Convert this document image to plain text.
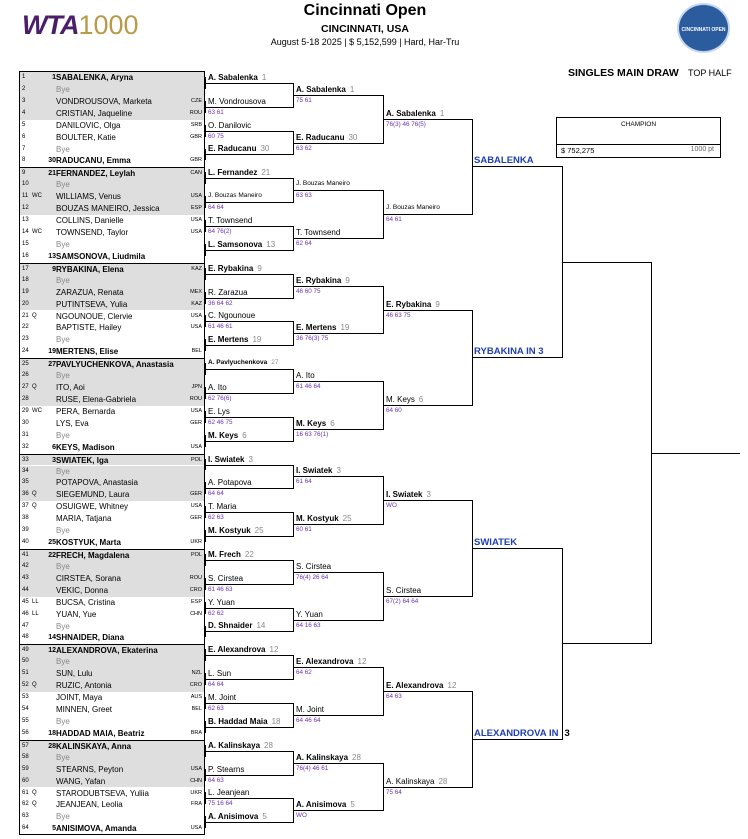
WTA1000	Cincinnati Open
CINCINNATI, USA
August 5-18 2025 | $ 5,152,599 | Hard, Har-Tru
CINCINNATI OPEN
SINGLES MAIN DRAW TOP HALF
CHAMPION
$ 752,275	1000 pt
1	1 SABALENKA, Aryna
2	Bye
3	VONDROUSOVA, Marketa	CZE
4	CRISTIAN, Jaqueline	ROU
5	DANILOVIC, Olga	SRB
6	BOULTER, Katie	GBR
7	Bye
8	30 RADUCANU, Emma	GBR
9	21 FERNANDEZ, Leylah	CAN
10	Bye
11 WC	WILLIAMS, Venus	USA
12	BOUZAS MANEIRO, Jessica	ESP
13	COLLINS, Danielle	USA
14 WC	TOWNSEND, Taylor	USA
15	Bye
16	13 SAMSONOVA, Liudmila
17	9 RYBAKINA, Elena	KAZ
18	Bye
19	ZARAZUA, Renata	MEX
20	PUTINTSEVA, Yulia	KAZ
21 Q	NGOUNOUE, Clervie	USA
22	BAPTISTE, Hailey	USA
23	Bye
24	19 MERTENS, Elise	BEL
25	27 PAVLYUCHENKOVA, Anastasia
26	Bye
27 Q	ITO, Aoi	JPN
28	RUSE, Elena-Gabriela	ROU
29 WC	PERA, Bernarda	USA
30	LYS, Eva	GER
31	Bye
32	6 KEYS, Madison	USA
33	3 SWIATEK, Iga	POL
34	Bye
35	POTAPOVA, Anastasia
36 Q	SIEGEMUND, Laura	GER
37 Q	OSUIGWE, Whitney	USA
38	MARIA, Tatjana	GER
39	Bye
40	25 KOSTYUK, Marta	UKR
41	22 FRECH, Magdalena	POL
42	Bye
43	CIRSTEA, Sorana	ROU
44	VEKIC, Donna	CRO
45 LL	BUCSA, Cristina	ESP
46 LL	YUAN, Yue	CHN
47	Bye
48	14 SHNAIDER, Diana
49	12 ALEXANDROVA, Ekaterina
50	Bye
51	SUN, Lulu	NZL
52 Q	RUZIC, Antonia	CRO
53	JOINT, Maya	AUS
54	MINNEN, Greet	BEL
55	Bye
56	18 HADDAD MAIA, Beatriz	BRA
57	28 KALINSKAYA, Anna
58	Bye
59	STEARNS, Peyton	USA
60	WANG, Yafan	CHN
61 Q	STARODUBTSEVA, Yuliia	UKR
62 Q	JEANJEAN, Leolia	FRA
63	Bye
64	5 ANISIMOVA, Amanda	USA
A. Sabalenka 1
M. Vondrousova
63 61
O. Danilovic
60 75
E. Raducanu 30
L. Fernandez 21
J. Bouzas Maneiro
64 64
T. Townsend
64 76(2)
L. Samsonova 13
E. Rybakina 9
R. Zarazua
36 64 62
C. Ngounoue
61 46 61
E. Mertens 19
A. Pavlyuchenkova 27
A. Ito
62 76(6)
E. Lys
62 46 75
M. Keys 6
I. Swiatek 3
A. Potapova
64 64
T. Maria
62 63
M. Kostyuk 25
M. Frech 22
S. Cirstea
61 46 63
Y. Yuan
62 62
D. Shnaider 14
E. Alexandrova 12
L. Sun
64 64
M. Joint
62 63
B. Haddad Maia 18
A. Kalinskaya 28
P. Stearns
64 63
L. Jeanjean
75 16 64
A. Anisimova 5
A. Sabalenka 1
75 61
E. Raducanu 30
63 62
J. Bouzas Maneiro
63 63
T. Townsend
62 64
E. Rybakina 9
46 60 75
E. Mertens 19
36 76(3) 75
A. Ito
61 46 64
M. Keys 6
16 63 76(1)
I. Swiatek 3
61 64
M. Kostyuk 25
60 61
S. Cirstea
76(4) 26 64
Y. Yuan
64 16 63
E. Alexandrova 12
64 62
M. Joint
64 46 64
A. Kalinskaya 28
76(4) 46 61
A. Anisimova 5
WO
A. Sabalenka 1
76(3) 46 76(5)
J. Bouzas Maneiro
64 61
E. Rybakina 9
46 63 75
M. Keys 6
64 60
I. Swiatek 3
WO
S. Cirstea
67(2) 64 64
E. Alexandrova 12
64 63
A. Kalinskaya 28
75 64
SABALENKA
RYBAKINA IN 3
SWIATEK
ALEXANDROVA IN 3
